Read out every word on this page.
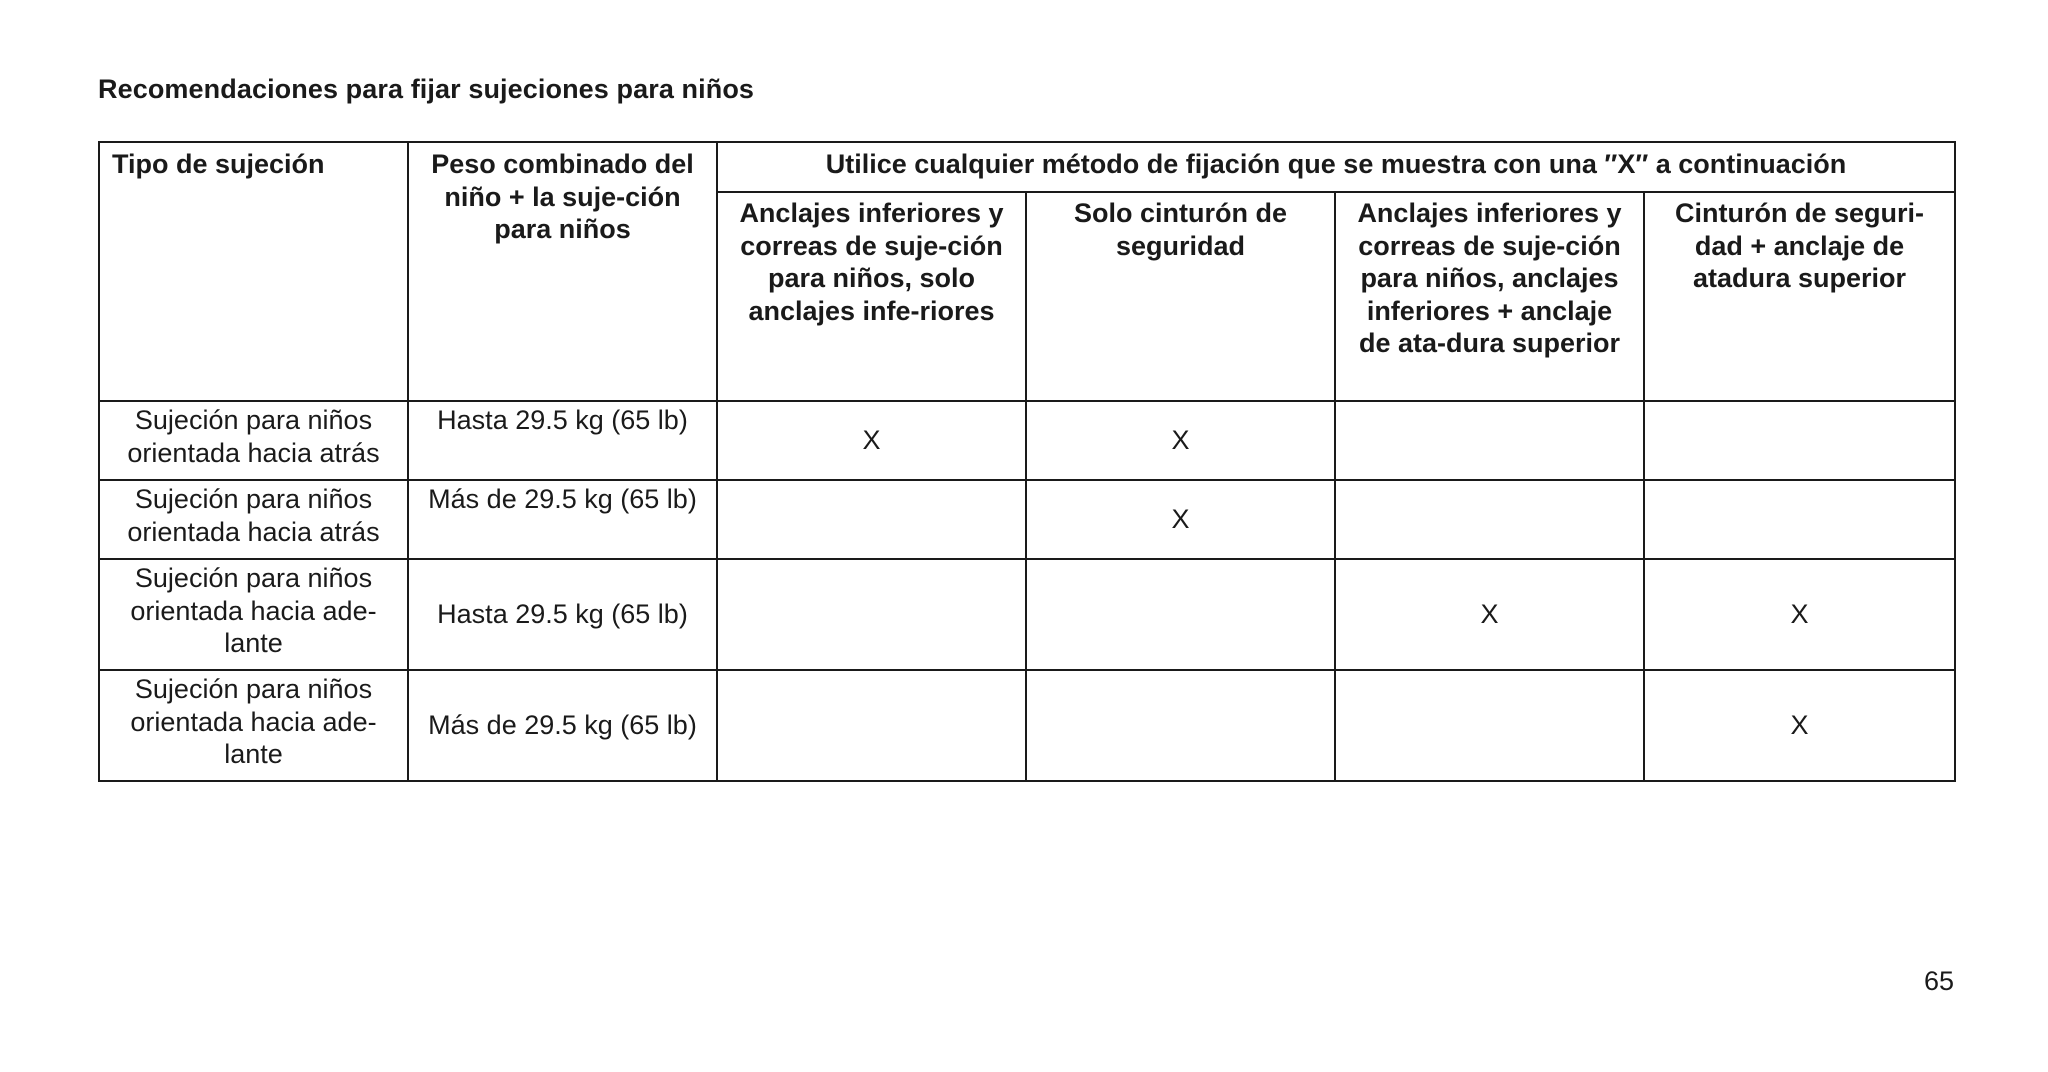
Recomendaciones para fijar sujeciones para niños
Tipo de sujeción	Peso combinado del niño + la suje-ción para niños	Utilice cualquier método de fijación que se muestra con una ″X″ a continuación			
		Anclajes inferiores y correas de suje-ción para niños, solo anclajes infe-riores	Solo cinturón de seguridad	Anclajes inferiores y correas de suje-ción para niños, anclajes inferiores + anclaje de ata-dura superior	Cinturón de seguri-dad + anclaje de atadura superior
Sujeción para niños orientada hacia atrás	Hasta 29.5 kg (65 lb)	X	X		
Sujeción para niños orientada hacia atrás	Más de 29.5 kg (65 lb)		X		
Sujeción para niños orientada hacia ade-lante	Hasta 29.5 kg (65 lb)			X	X
Sujeción para niños orientada hacia ade-lante	Más de 29.5 kg (65 lb)				X
65
